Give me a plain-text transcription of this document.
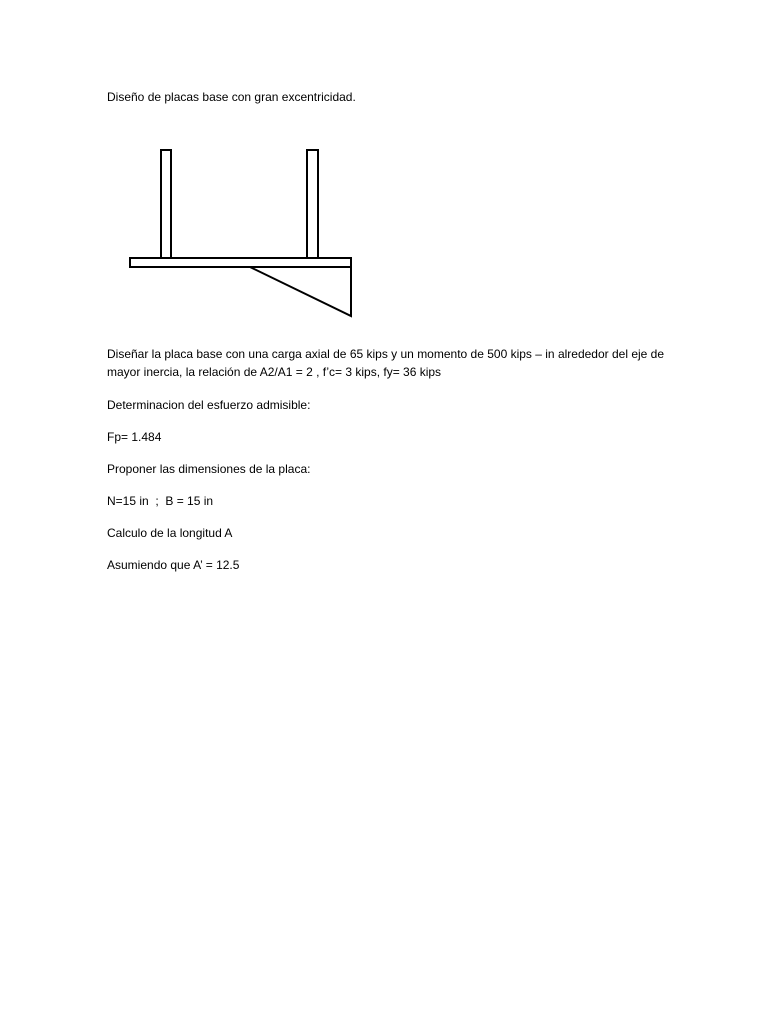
Diseño de placas base con gran excentricidad.

Diseñar la placa base con una carga axial de 65 kips y un momento de 500 kips – in alrededor del eje de mayor inercia, la relación de A2/A1 = 2 , f’c= 3 kips, fy= 36 kips

Determinacion del esfuerzo admisible:

Fp= 1.484

Proponer las dimensiones de la placa:

N=15 in  ;  B = 15 in

Calculo de la longitud A

Asumiendo que A’ = 12.5
